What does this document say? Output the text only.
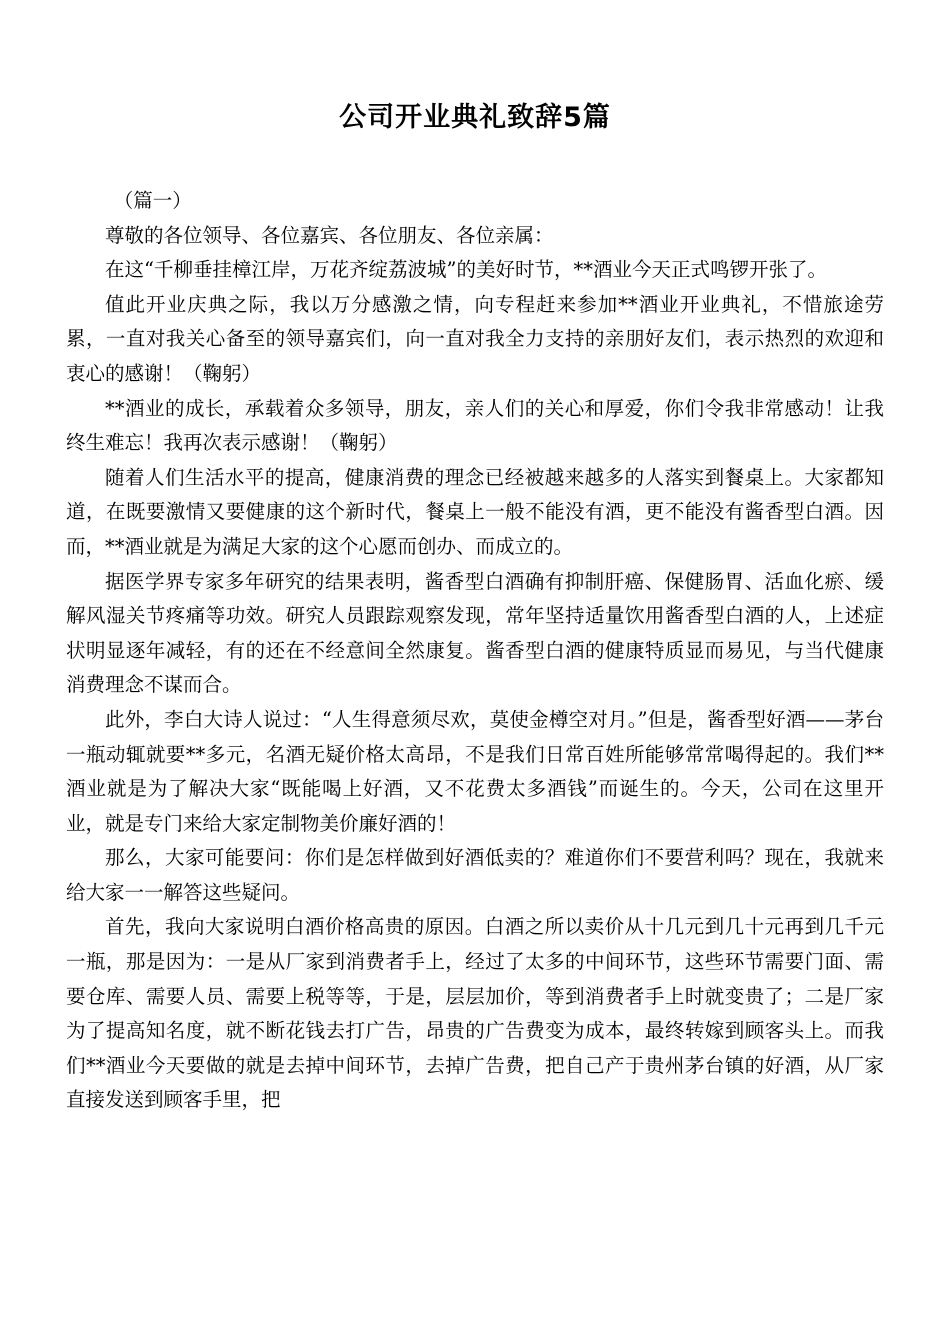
公司开业典礼致辞5篇

（篇一）

尊敬的各位领导、各位嘉宾、各位朋友、各位亲属：

在这“千柳垂挂樟江岸，万花齐绽荔波城”的美好时节，**酒业今天正式鸣锣开张了。

值此开业庆典之际，我以万分感激之情，向专程赶来参加**酒业开业典礼，不惜旅途劳累，一直对我关心备至的领导嘉宾们，向一直对我全力支持的亲朋好友们，表示热烈的欢迎和衷心的感谢！（鞠躬）

**酒业的成长，承载着众多领导，朋友，亲人们的关心和厚爱，你们令我非常感动！让我终生难忘！我再次表示感谢！（鞠躬）

随着人们生活水平的提高，健康消费的理念已经被越来越多的人落实到餐桌上。大家都知道，在既要激情又要健康的这个新时代，餐桌上一般不能没有酒，更不能没有酱香型白酒。因而，**酒业就是为满足大家的这个心愿而创办、而成立的。

据医学界专家多年研究的结果表明，酱香型白酒确有抑制肝癌、保健肠胃、活血化瘀、缓解风湿关节疼痛等功效。研究人员跟踪观察发现，常年坚持适量饮用酱香型白酒的人，上述症状明显逐年减轻，有的还在不经意间全然康复。酱香型白酒的健康特质显而易见，与当代健康消费理念不谋而合。

此外，李白大诗人说过：“人生得意须尽欢，莫使金樽空对月。”但是，酱香型好酒——茅台一瓶动辄就要**多元，名酒无疑价格太高昂，不是我们日常百姓所能够常常喝得起的。我们**酒业就是为了解决大家“既能喝上好酒，又不花费太多酒钱”而诞生的。今天，公司在这里开业，就是专门来给大家定制物美价廉好酒的！

那么，大家可能要问：你们是怎样做到好酒低卖的？难道你们不要营利吗？现在，我就来给大家一一解答这些疑问。

首先，我向大家说明白酒价格高贵的原因。白酒之所以卖价从十几元到几十元再到几千元一瓶，那是因为：一是从厂家到消费者手上，经过了太多的中间环节，这些环节需要门面、需要仓库、需要人员、需要上税等等，于是，层层加价，等到消费者手上时就变贵了；二是厂家为了提高知名度，就不断花钱去打广告，昂贵的广告费变为成本，最终转嫁到顾客头上。而我们**酒业今天要做的就是去掉中间环节，去掉广告费，把自己产于贵州茅台镇的好酒，从厂家直接发送到顾客手里，把
